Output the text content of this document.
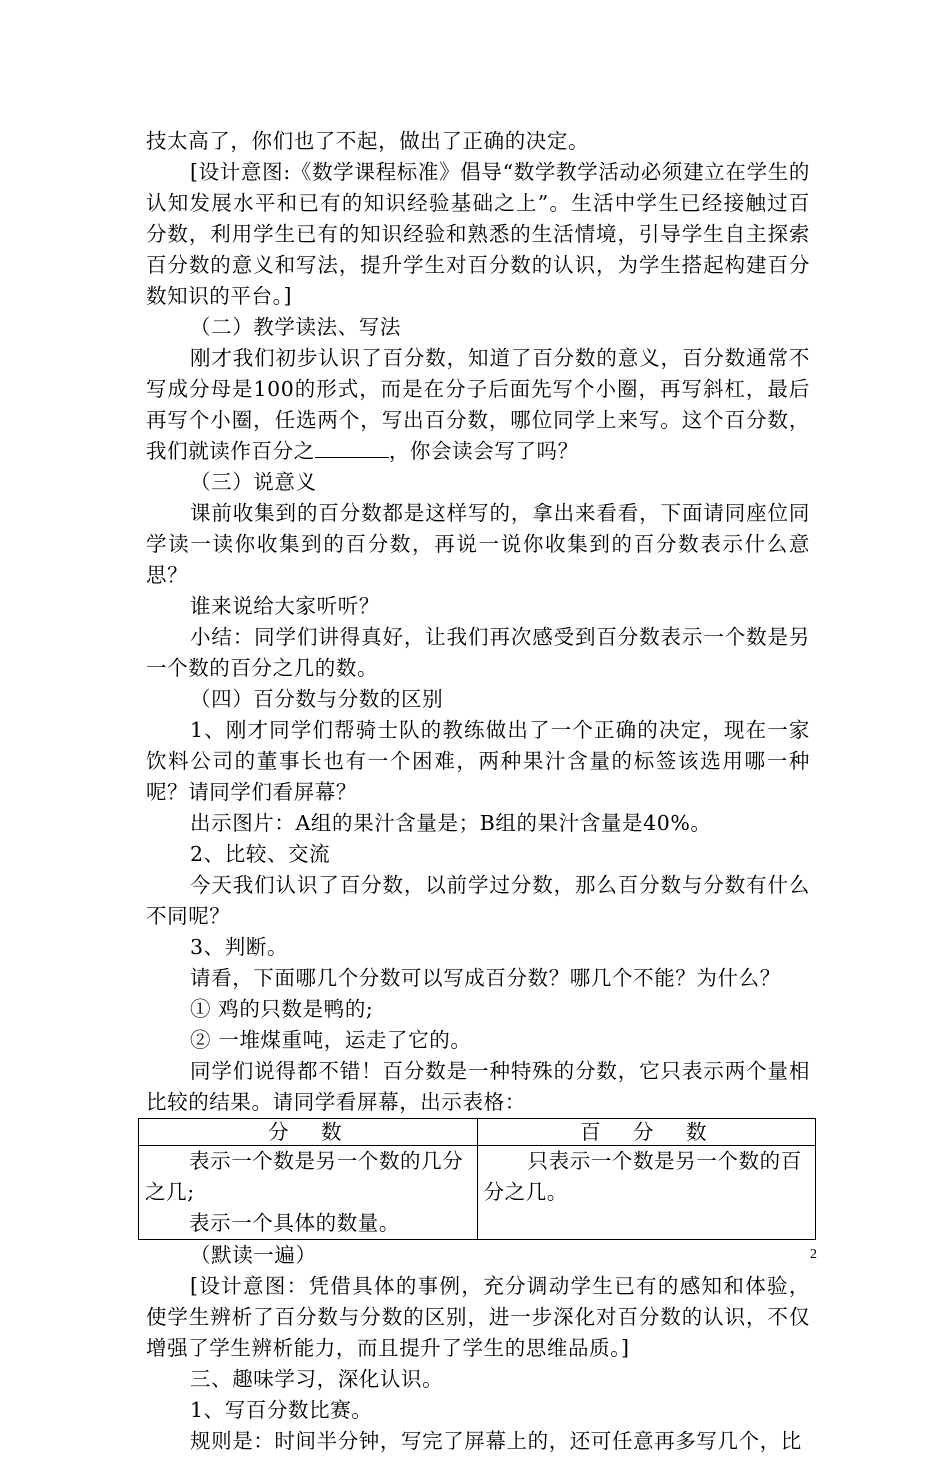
技太高了，你们也了不起，做出了正确的决定。

[设计意图:《数学课程标准》倡导“数学教学活动必须建立在学生的认知发展水平和已有的知识经验基础之上”。生活中学生已经接触过百分数，利用学生已有的知识经验和熟悉的生活情境，引导学生自主探索百分数的意义和写法，提升学生对百分数的认识，为学生搭起构建百分数知识的平台。]

（二）教学读法、写法

刚才我们初步认识了百分数，知道了百分数的意义，百分数通常不写成分母是100的形式，而是在分子后面先写个小圈，再写斜杠，最后再写个小圈，任选两个，写出百分数，哪位同学上来写。这个百分数，我们就读作百分之	，你会读会写了吗？

（三）说意义

课前收集到的百分数都是这样写的，拿出来看看，下面请同座位同学读一读你收集到的百分数，再说一说你收集到的百分数表示什么意思？

谁来说给大家听听？

小结：同学们讲得真好，让我们再次感受到百分数表示一个数是另一个数的百分之几的数。

（四）百分数与分数的区别

1、刚才同学们帮骑士队的教练做出了一个正确的决定，现在一家饮料公司的董事长也有一个困难，两种果汁含量的标签该选用哪一种呢？请同学们看屏幕？

出示图片：A组的果汁含量是；B组的果汁含量是40%。

2、比较、交流

今天我们认识了百分数，以前学过分数，那么百分数与分数有什么不同呢？

3、判断。

请看，下面哪几个分数可以写成百分数？哪几个不能？为什么？

① 鸡的只数是鸭的;

② 一堆煤重吨，运走了它的。

同学们说得都不错！百分数是一种特殊的分数，它只表示两个量相比较的结果。请同学看屏幕，出示表格：

分　数	百　分　数

表示一个数是另一个数的几分之几;
表示一个具体的数量。	只表示一个数是另一个数的百分之几。

（默读一遍）

[设计意图：凭借具体的事例，充分调动学生已有的感知和体验，使学生辨析了百分数与分数的区别，进一步深化对百分数的认识，不仅增强了学生辨析能力，而且提升了学生的思维品质。]

三、趣味学习，深化认识。

1、写百分数比赛。

规则是：时间半分钟，写完了屏幕上的，还可任意再多写几个，比

2
